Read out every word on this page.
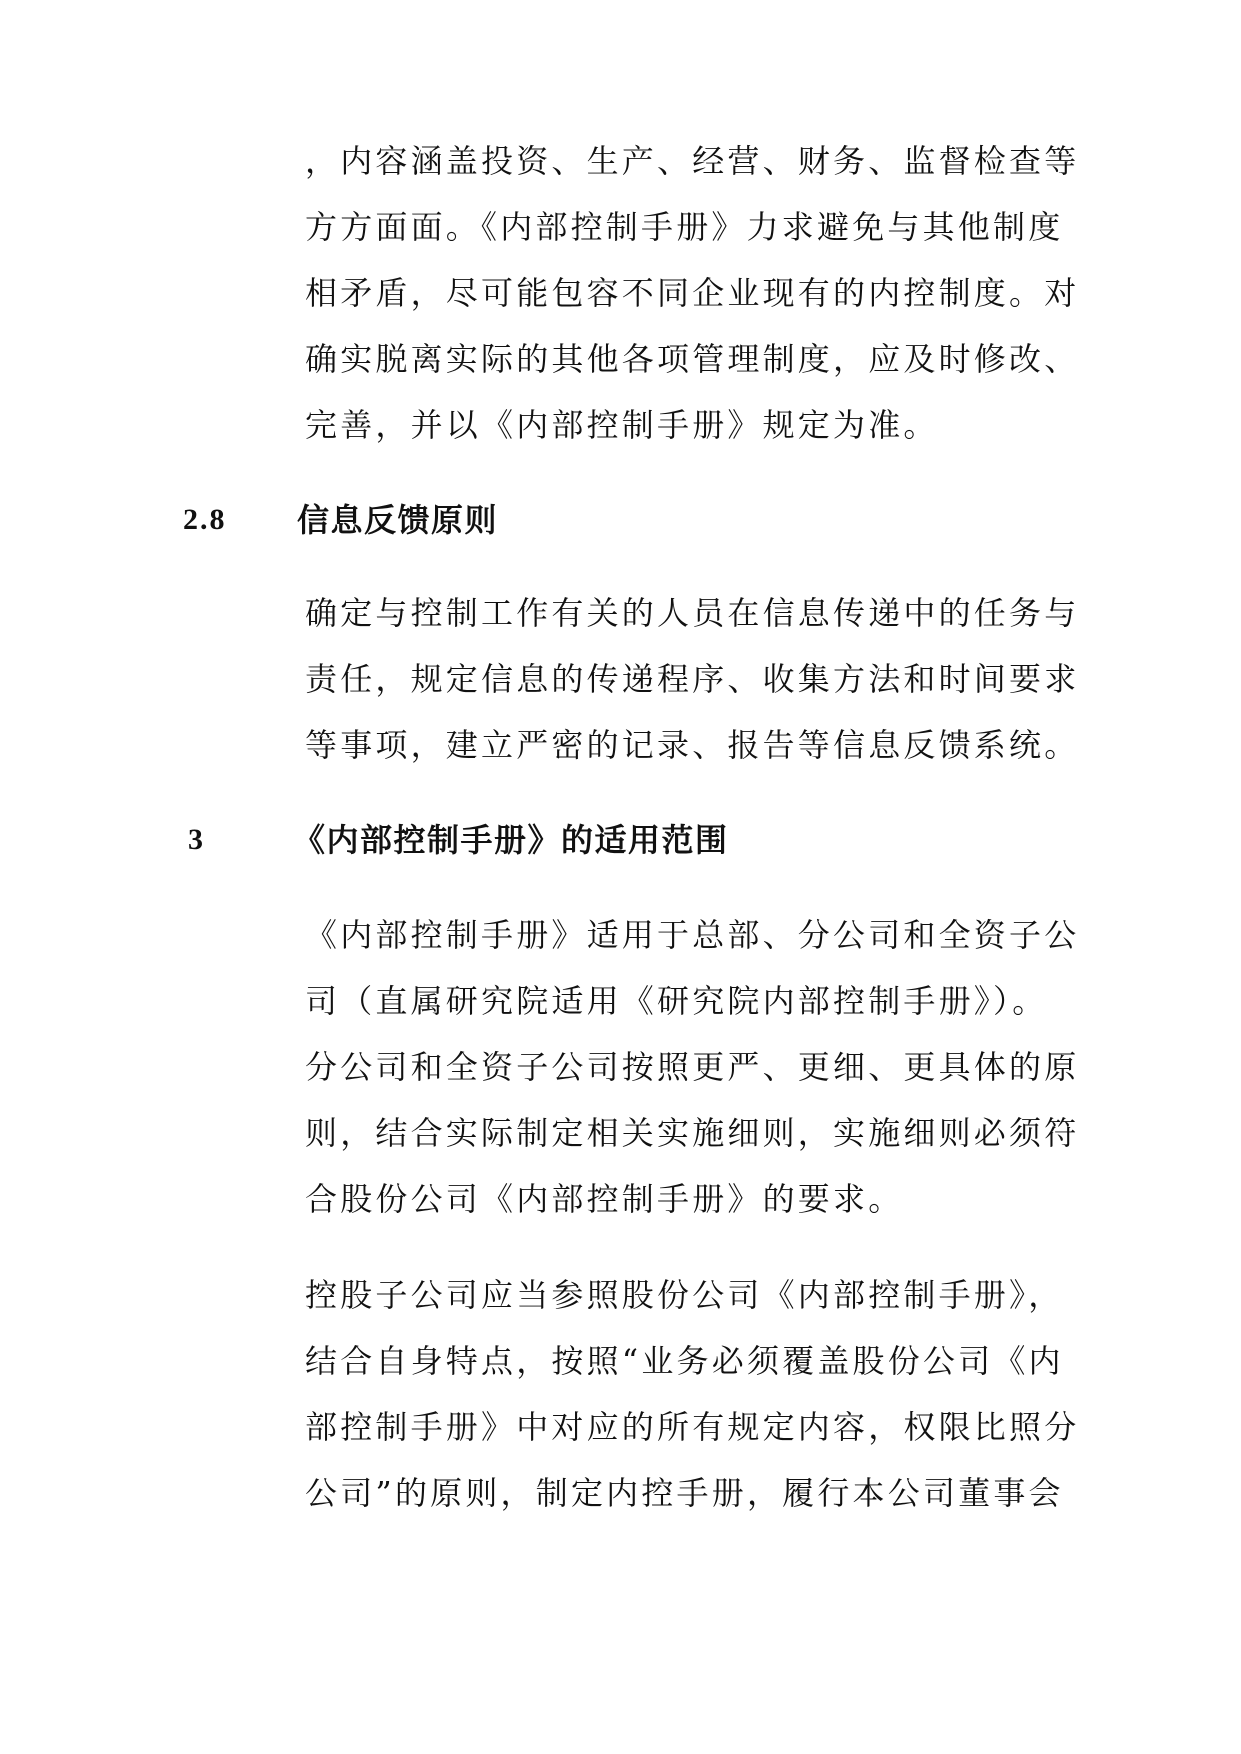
，内容涵盖投资、生产、经营、财务、监督检查等
方方面面。《内部控制手册》力求避免与其他制度
相矛盾，尽可能包容不同企业现有的内控制度。对
确实脱离实际的其他各项管理制度，应及时修改、
完善，并以《内部控制手册》规定为准。
2.8 信息反馈原则
确定与控制工作有关的人员在信息传递中的任务与
责任，规定信息的传递程序、收集方法和时间要求
等事项，建立严密的记录、报告等信息反馈系统。
3	《内部控制手册》的适用范围
《内部控制手册》适用于总部、分公司和全资子公
司（直属研究院适用《研究院内部控制手册》）。
分公司和全资子公司按照更严、更细、更具体的原
则，结合实际制定相关实施细则，实施细则必须符
合股份公司《内部控制手册》的要求。
控股子公司应当参照股份公司《内部控制手册》，
结合自身特点，按照“业务必须覆盖股份公司《内
部控制手册》中对应的所有规定内容，权限比照分
公司”的原则，制定内控手册，履行本公司董事会
